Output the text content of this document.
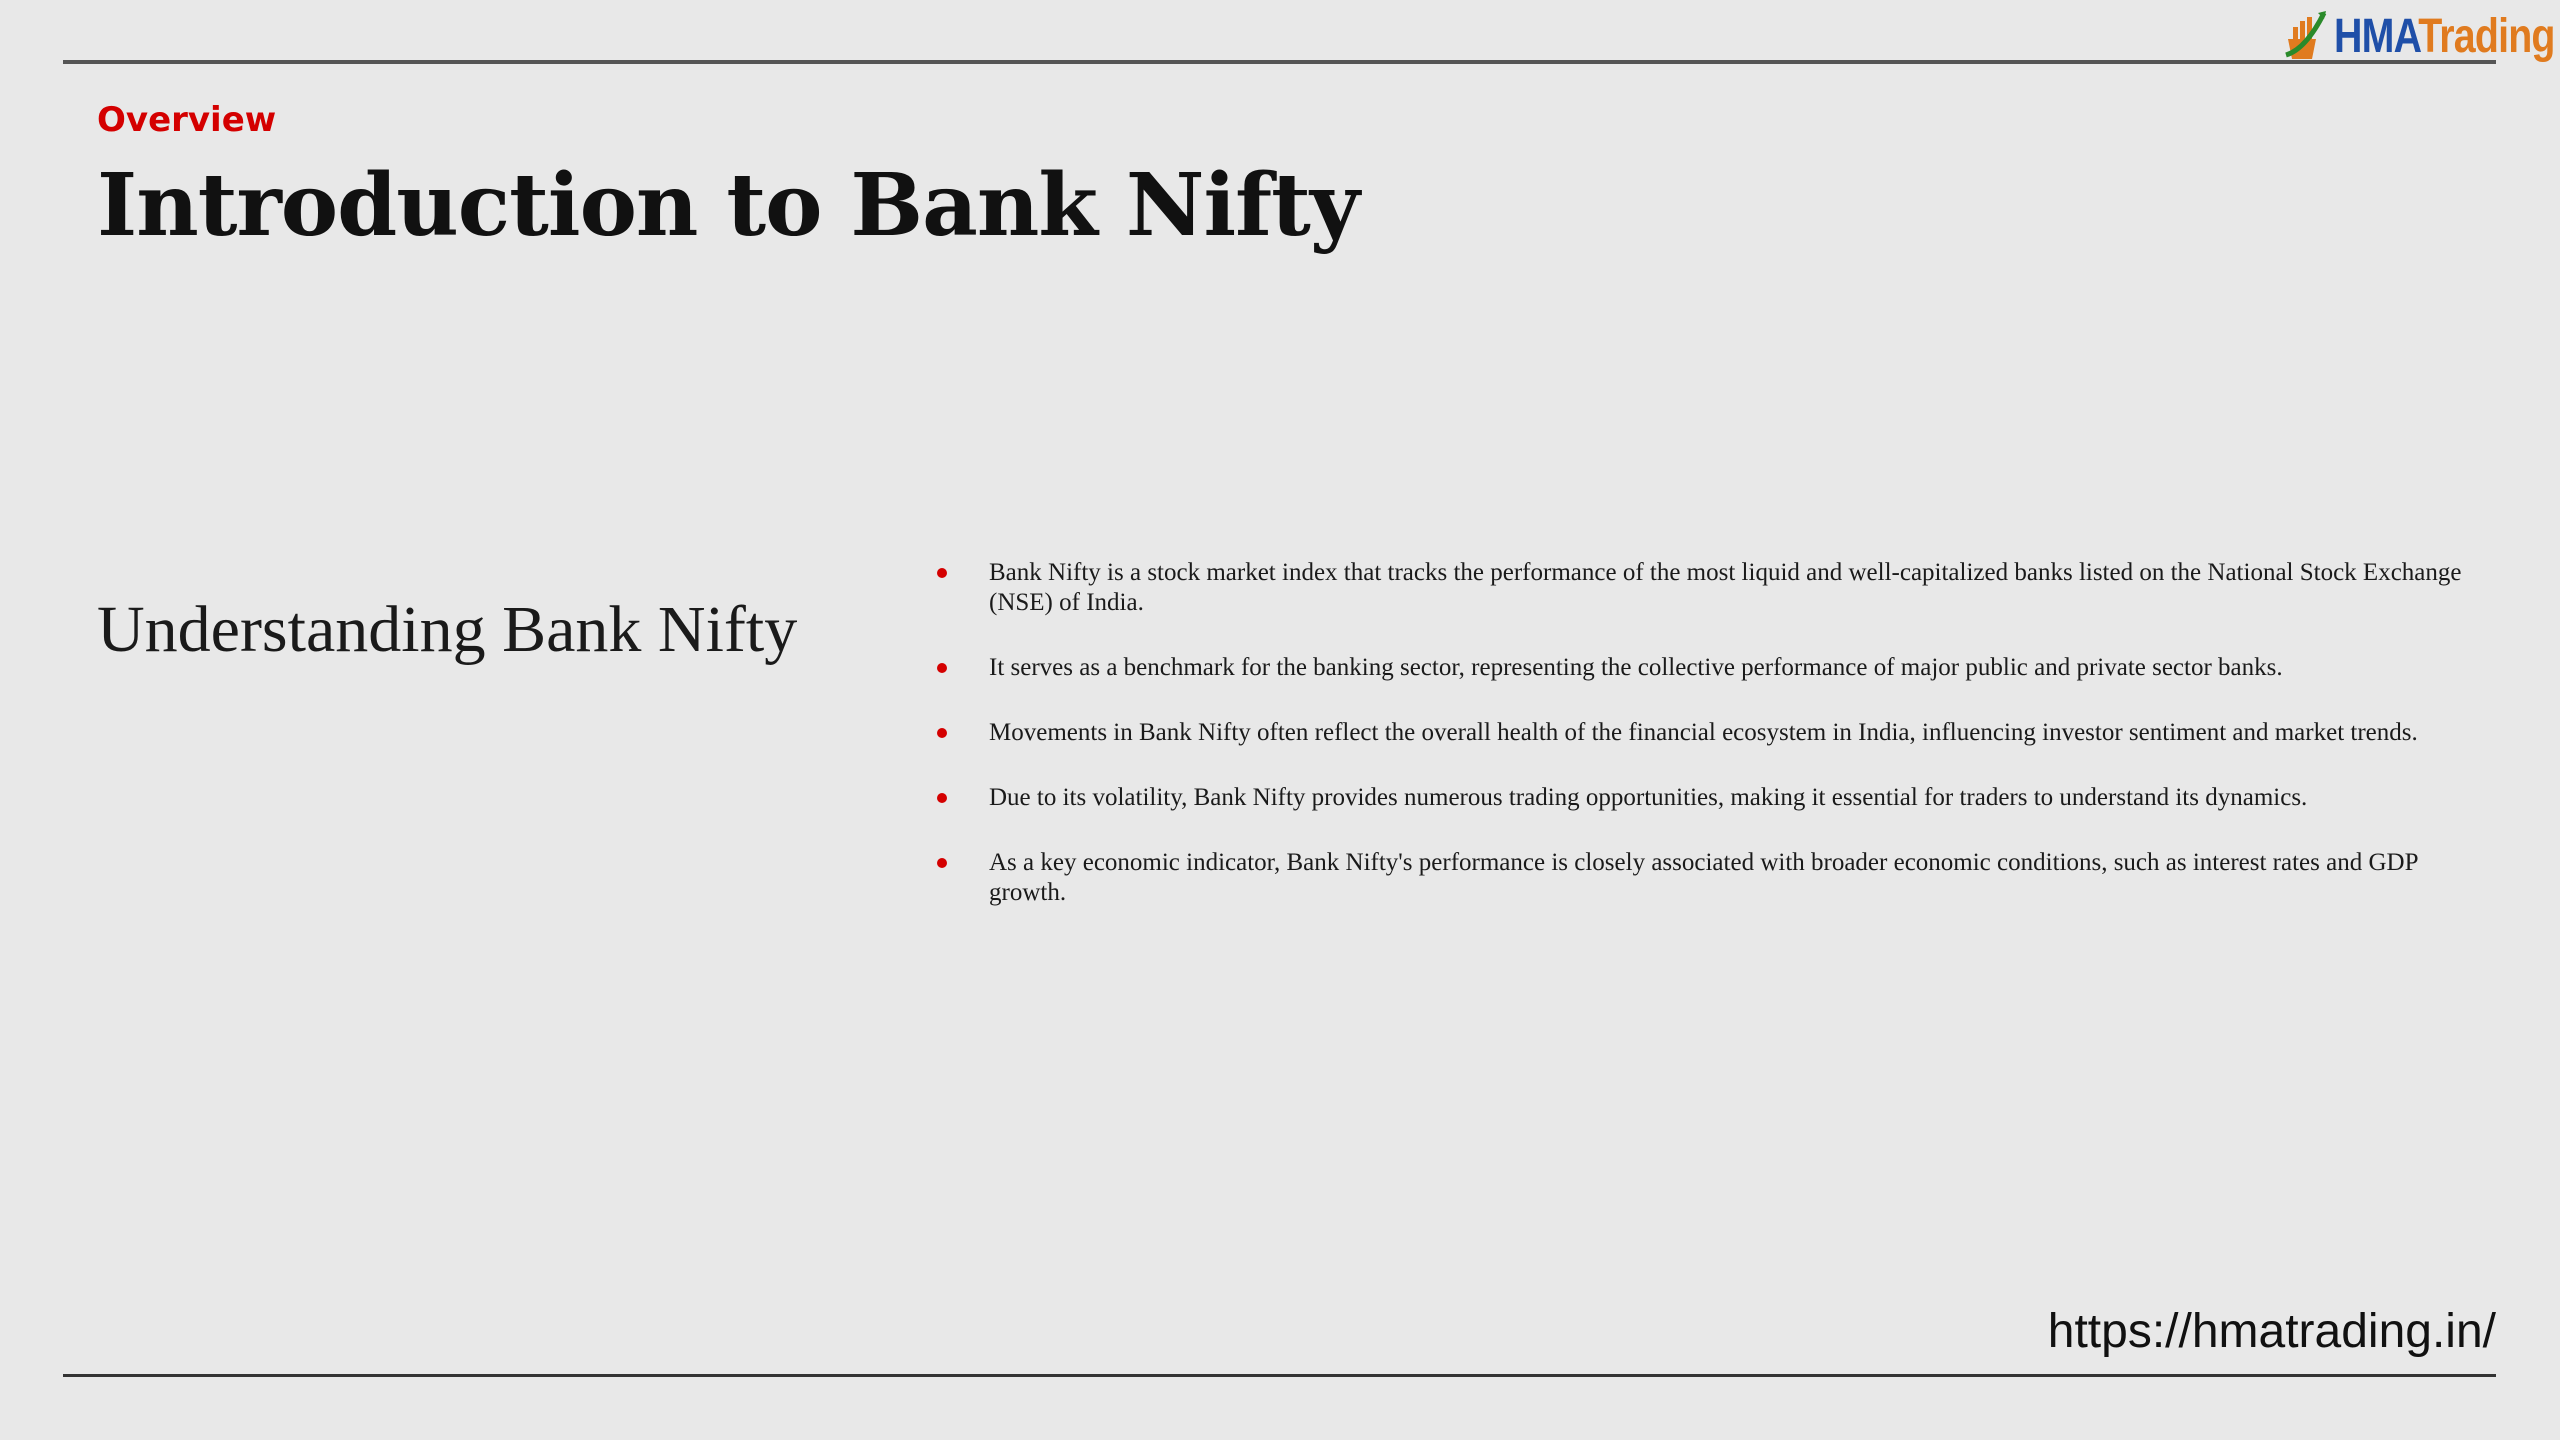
HMATrading
Overview
Introduction to Bank Nifty
Understanding Bank Nifty
Bank Nifty is a stock market index that tracks the performance of the most liquid and well-capitalized banks listed on the National Stock Exchange (NSE) of India.
It serves as a benchmark for the banking sector, representing the collective performance of major public and private sector banks.
Movements in Bank Nifty often reflect the overall health of the financial ecosystem in India, influencing investor sentiment and market trends.
Due to its volatility, Bank Nifty provides numerous trading opportunities, making it essential for traders to understand its dynamics.
As a key economic indicator, Bank Nifty's performance is closely associated with broader economic conditions, such as interest rates and GDP growth.
https://hmatrading.in/
